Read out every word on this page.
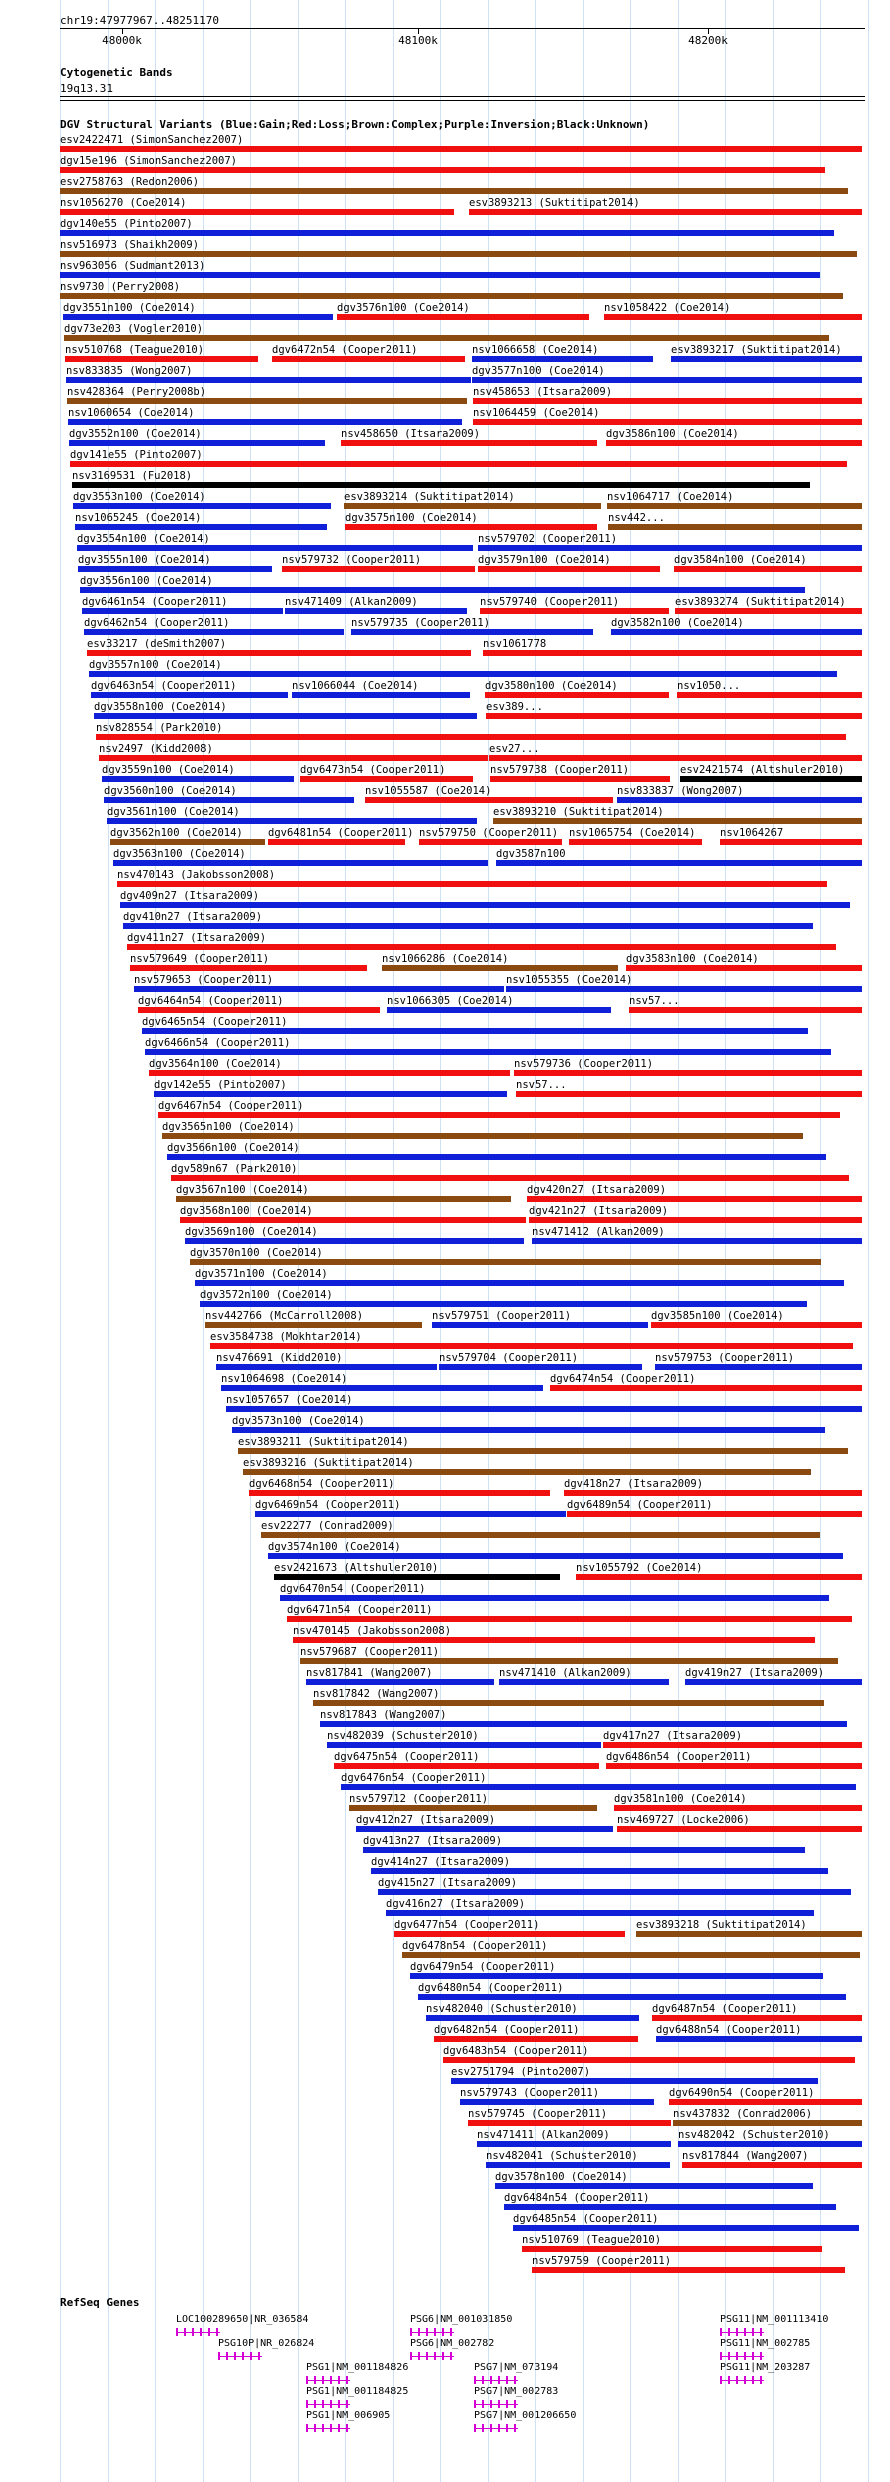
chr19:47977967..48251170
48000k	48100k	48200k
Cytogenetic Bands
19q13.31
DGV Structural Variants (Blue:Gain;Red:Loss;Brown:Complex;Purple:Inversion;Black:Unknown)
esv2422471 (SimonSanchez2007)
dgv15e196 (SimonSanchez2007)
esv2758763 (Redon2006)
nsv1056270 (Coe2014)	esv3893213 (Suktitipat2014)
dgv140e55 (Pinto2007)
nsv516973 (Shaikh2009)
nsv963056 (Sudmant2013)
nsv9730 (Perry2008)
dgv3551n100 (Coe2014)	dgv3576n100 (Coe2014)	nsv1058422 (Coe2014)
dgv73e203 (Vogler2010)
nsv510768 (Teague2010)	dgv6472n54 (Cooper2011)	nsv1066658 (Coe2014)	esv3893217 (Suktitipat2014)
nsv833835 (Wong2007)	dgv3577n100 (Coe2014)
nsv428364 (Perry2008b)	nsv458653 (Itsara2009)
nsv1060654 (Coe2014)	nsv1064459 (Coe2014)
dgv3552n100 (Coe2014)	nsv458650 (Itsara2009)	dgv3586n100 (Coe2014)
dgv141e55 (Pinto2007)
nsv3169531 (Fu2018)
dgv3553n100 (Coe2014)	esv3893214 (Suktitipat2014)	nsv1064717 (Coe2014)
nsv1065245 (Coe2014)	dgv3575n100 (Coe2014)	nsv442...
dgv3554n100 (Coe2014)	nsv579702 (Cooper2011)
dgv3555n100 (Coe2014)	nsv579732 (Cooper2011)	dgv3579n100 (Coe2014)	dgv3584n100 (Coe2014)
dgv3556n100 (Coe2014)
dgv6461n54 (Cooper2011)	nsv471409 (Alkan2009)	nsv579740 (Cooper2011)	esv3893274 (Suktitipat2014)
dgv6462n54 (Cooper2011)	nsv579735 (Cooper2011)	dgv3582n100 (Coe2014)
esv33217 (deSmith2007)	nsv1061778
dgv3557n100 (Coe2014)
dgv6463n54 (Cooper2011)	nsv1066044 (Coe2014)	dgv3580n100 (Coe2014)	nsv1050...
dgv3558n100 (Coe2014)	esv389...
nsv828554 (Park2010)
nsv2497 (Kidd2008)	esv27...
dgv3559n100 (Coe2014)	dgv6473n54 (Cooper2011)	nsv579738 (Cooper2011)	esv2421574 (Altshuler2010)
dgv3560n100 (Coe2014)	nsv1055587 (Coe2014)	nsv833837 (Wong2007)
dgv3561n100 (Coe2014)	esv3893210 (Suktitipat2014)
dgv3562n100 (Coe2014) dgv6481n54 (Cooper2011) nsv579750 (Cooper2011) nsv1065754 (Coe2014) nsv1064267
dgv3563n100 (Coe2014)	dgv3587n100
nsv470143 (Jakobsson2008)
dgv409n27 (Itsara2009)
dgv410n27 (Itsara2009)
dgv411n27 (Itsara2009)
nsv579649 (Cooper2011)	nsv1066286 (Coe2014)	dgv3583n100 (Coe2014)
nsv579653 (Cooper2011)	nsv1055355 (Coe2014)
dgv6464n54 (Cooper2011)	nsv1066305 (Coe2014)	nsv57...
dgv6465n54 (Cooper2011)
dgv6466n54 (Cooper2011)
dgv3564n100 (Coe2014)	nsv579736 (Cooper2011)
dgv142e55 (Pinto2007)	nsv57...
dgv6467n54 (Cooper2011)
dgv3565n100 (Coe2014)
dgv3566n100 (Coe2014)
dgv589n67 (Park2010)
dgv3567n100 (Coe2014)	dgv420n27 (Itsara2009)
dgv3568n100 (Coe2014)	dgv421n27 (Itsara2009)
dgv3569n100 (Coe2014)	nsv471412 (Alkan2009)
dgv3570n100 (Coe2014)
dgv3571n100 (Coe2014)
dgv3572n100 (Coe2014)
nsv442766 (McCarroll2008)	nsv579751 (Cooper2011)	dgv3585n100 (Coe2014)
esv3584738 (Mokhtar2014)
nsv476691 (Kidd2010)	nsv579704 (Cooper2011)	nsv579753 (Cooper2011)
nsv1064698 (Coe2014)	dgv6474n54 (Cooper2011)
nsv1057657 (Coe2014)
dgv3573n100 (Coe2014)
esv3893211 (Suktitipat2014)
esv3893216 (Suktitipat2014)
dgv6468n54 (Cooper2011)	dgv418n27 (Itsara2009)
dgv6469n54 (Cooper2011)	dgv6489n54 (Cooper2011)
esv22277 (Conrad2009)
dgv3574n100 (Coe2014)
esv2421673 (Altshuler2010)	nsv1055792 (Coe2014)
dgv6470n54 (Cooper2011)
dgv6471n54 (Cooper2011)
nsv470145 (Jakobsson2008)
nsv579687 (Cooper2011)
nsv817841 (Wang2007)	nsv471410 (Alkan2009)	dgv419n27 (Itsara2009)
nsv817842 (Wang2007)
nsv817843 (Wang2007)
nsv482039 (Schuster2010)	dgv417n27 (Itsara2009)
dgv6475n54 (Cooper2011)	dgv6486n54 (Cooper2011)
dgv6476n54 (Cooper2011)
nsv579712 (Cooper2011)	dgv3581n100 (Coe2014)
dgv412n27 (Itsara2009)	nsv469727 (Locke2006)
dgv413n27 (Itsara2009)
dgv414n27 (Itsara2009)
dgv415n27 (Itsara2009)
dgv416n27 (Itsara2009)
dgv6477n54 (Cooper2011)	esv3893218 (Suktitipat2014)
dgv6478n54 (Cooper2011)
dgv6479n54 (Cooper2011)
dgv6480n54 (Cooper2011)
nsv482040 (Schuster2010)	dgv6487n54 (Cooper2011)
dgv6482n54 (Cooper2011)	dgv6488n54 (Cooper2011)
dgv6483n54 (Cooper2011)
esv2751794 (Pinto2007)
nsv579743 (Cooper2011)	dgv6490n54 (Cooper2011)
nsv579745 (Cooper2011)	nsv437832 (Conrad2006)
nsv471411 (Alkan2009)	nsv482042 (Schuster2010)
nsv482041 (Schuster2010)	nsv817844 (Wang2007)
dgv3578n100 (Coe2014)
dgv6484n54 (Cooper2011)
dgv6485n54 (Cooper2011)
nsv510769 (Teague2010)
nsv579759 (Cooper2011)
RefSeq Genes
LOC100289650|NR_036584
PSG10P|NR_026824
PSG1|NM_001184826
PSG1|NM_001184825
PSG1|NM_006905
PSG6|NM_001031850
PSG6|NM_002782
PSG7|NM_073194
PSG7|NM_002783
PSG7|NM_001206650
PSG11|NM_001113410
PSG11|NM_002785
PSG11|NM_203287
